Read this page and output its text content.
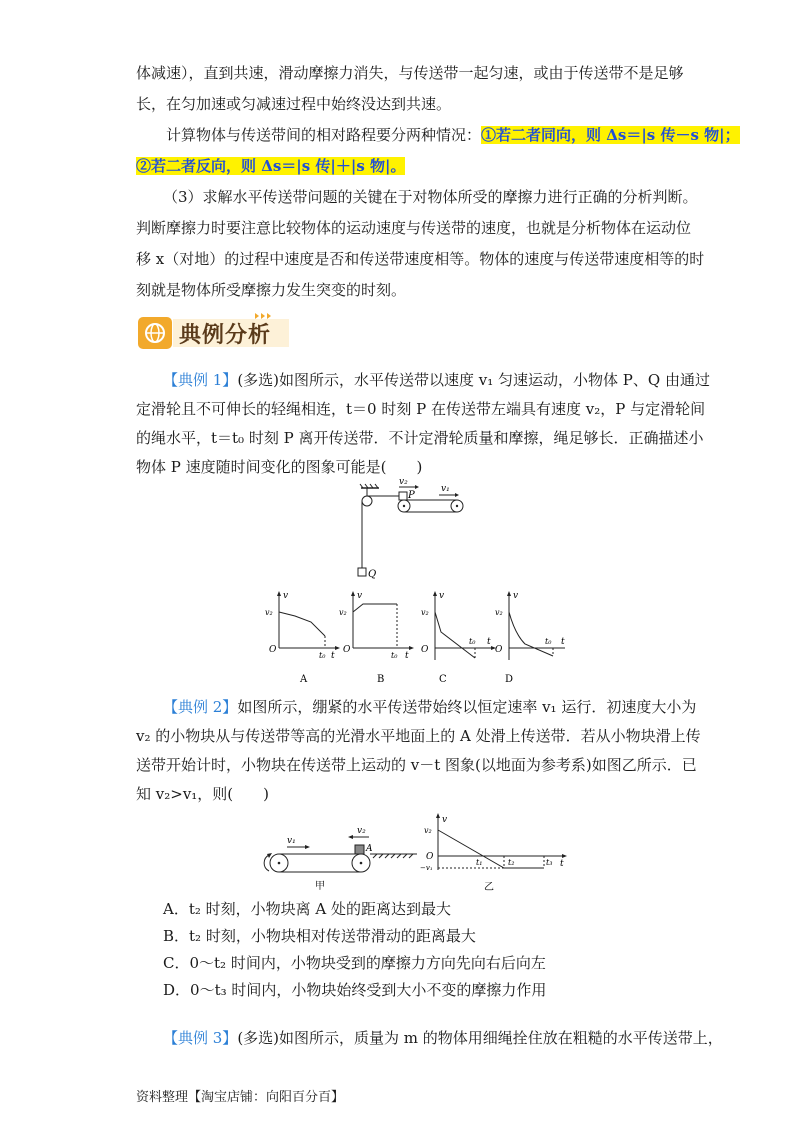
体减速），直到共速，滑动摩擦力消失，与传送带一起匀速，或由于传送带不是足够
长，在匀加速或匀减速过程中始终没达到共速。
计算物体与传送带间的相对路程要分两种情况：①若二者同向，则 Δs＝|s 传－s 物|；
②若二者反向，则 Δs＝|s 传|＋|s 物|。
（3）求解水平传送带问题的关键在于对物体所受的摩擦力进行正确的分析判断。
判断摩擦力时要注意比较物体的运动速度与传送带的速度，也就是分析物体在运动位
移 x（对地）的过程中速度是否和传送带速度相等。物体的速度与传送带速度相等的时
刻就是物体所受摩擦力发生突变的时刻。
典例分析
【典例 1】(多选)如图所示，水平传送带以速度 v₁ 匀速运动，小物体 P、Q 由通过
定滑轮且不可伸长的轻绳相连，t＝0 时刻 P 在传送带左端具有速度 v₂，P 与定滑轮间
的绳水平，t＝t₀ 时刻 P 离开传送带．不计定滑轮质量和摩擦，绳足够长．正确描述小
物体 P 速度随时间变化的图象可能是(　　)
Q
P
v₂
v₁
v
v₂
O
t₀ t
A
v
v₂
O
t₀ t
B
v
v₂
t₀ t
O
C
v
v₂
t₀ t
O
D
【典例 2】如图所示，绷紧的水平传送带始终以恒定速率 v₁ 运行．初速度大小为
v₂ 的小物块从与传送带等高的光滑水平地面上的 A 处滑上传送带．若从小物块滑上传
送带开始计时，小物块在传送带上运动的 v－t 图象(以地面为参考系)如图乙所示．已
知 v₂>v₁，则(　　)
v₁
v₂
A
甲
v
v₂
O
−v₁
t₁	t₂	t₃ t
乙
A．t₂ 时刻，小物块离 A 处的距离达到最大
B．t₂ 时刻，小物块相对传送带滑动的距离最大
C．0～t₂ 时间内，小物块受到的摩擦力方向先向右后向左
D．0～t₃ 时间内，小物块始终受到大小不变的摩擦力作用
【典例 3】(多选)如图所示，质量为 m 的物体用细绳拴住放在粗糙的水平传送带上，
资料整理【淘宝店铺：向阳百分百】
